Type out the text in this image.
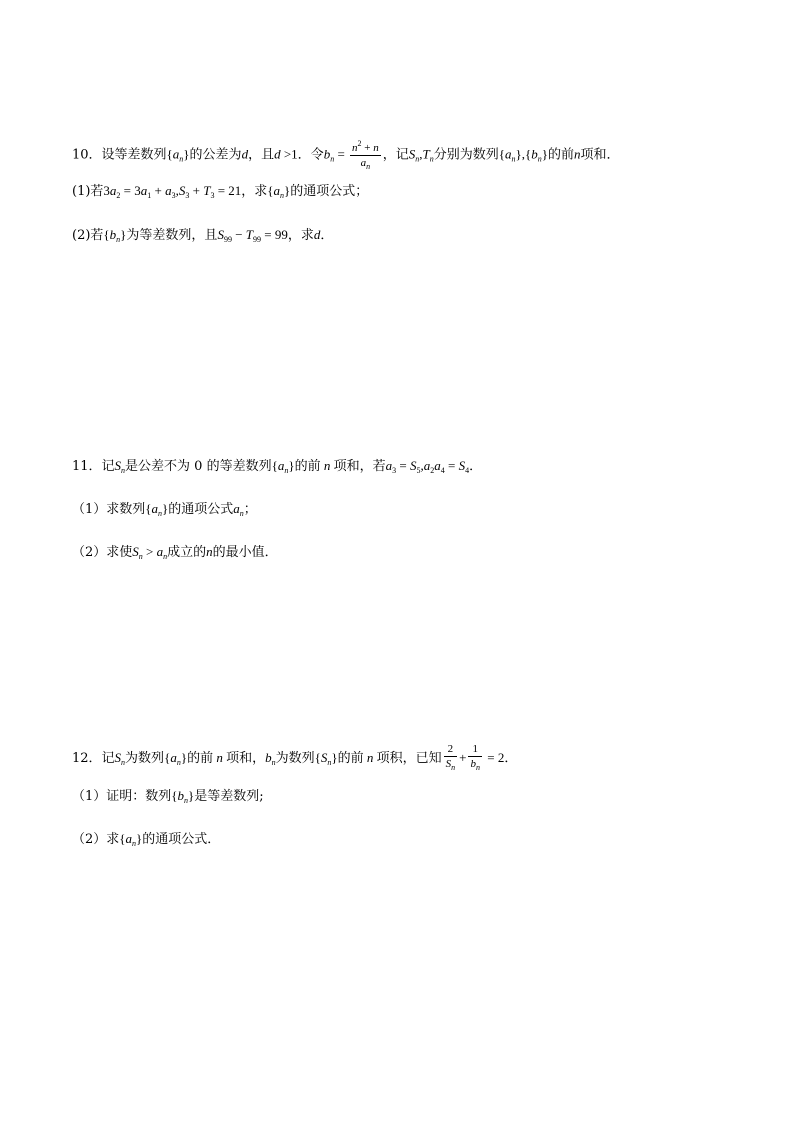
10．设等差数列$\{a_n\}$的公差为d，且d >1．令$b_n = \frac{n^2 + n}{a_n}$ ，记$S_n,T_n$分别为数列$\{a_n\},\{b_n\}$的前n项和．
(1)若$3a_2 = 3a_1 + a_3,S_3 + T_3 = 21$，求$\{a_n\}$的通项公式；
(2)若$\{b_n\}$为等差数列，且$S_{99} - T_{99} = 99$，求d．
11．记$S_n$是公差不为 0 的等差数列$\{a_n\}$的前 n 项和，若$a_3 = S_5,a_2a_4 = S_4$．
（1）求数列$\{a_n\}$的通项公式$a_n$；
（2）求使$S_n > a_n$成立的n的最小值．
12．记$S_n$为数列$\{a_n\}$的前 n 项和，$b_n$为数列$\{S_n\}$的前 n 项积，已知 $\frac{2}{S_n} + \frac{1}{b_n} = 2$．
（1）证明：数列$\{b_n\}$是等差数列;
（2）求$\{a_n\}$的通项公式．
